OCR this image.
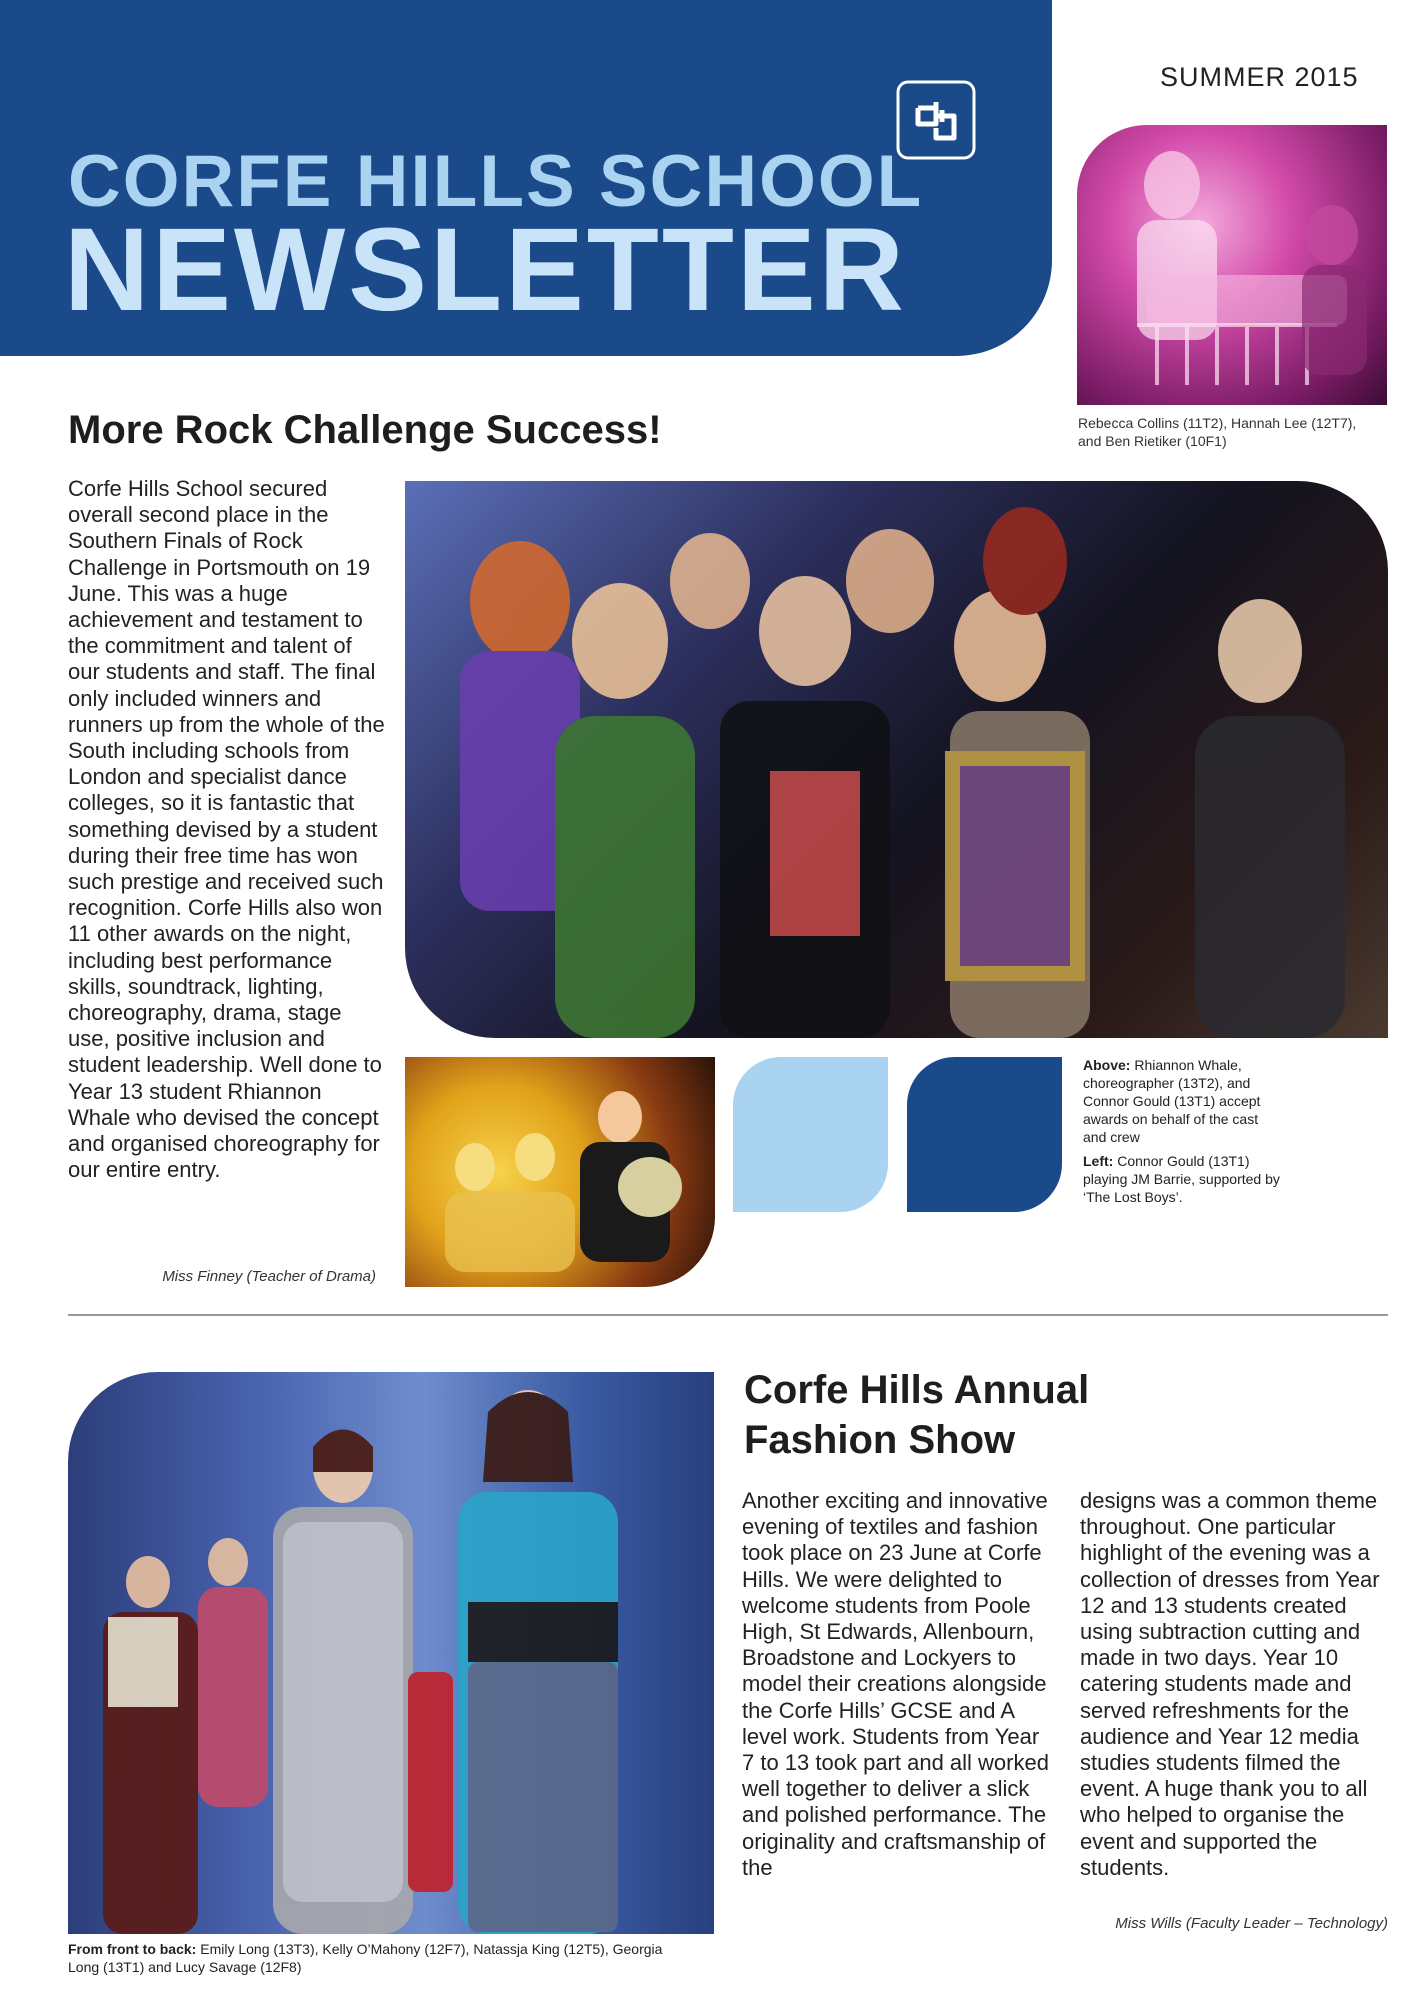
CORFE HILLS SCHOOL
NEWSLETTER
SUMMER 2015
Rebecca Collins (11T2), Hannah Lee (12T7), and Ben Rietiker (10F1)
More Rock Challenge Success!
Corfe Hills School secured overall second place in the Southern Finals of Rock Challenge in Portsmouth on 19 June. This was a huge achievement and testament to the commitment and talent of our students and staff. The final only included winners and runners up from the whole of the South including schools from London and specialist dance colleges, so it is fantastic that something devised by a student during their free time has won such prestige and received such recognition. Corfe Hills also won 11 other awards on the night, including best performance skills, soundtrack, lighting, choreography, drama, stage use, positive inclusion and student leadership. Well done to Year 13 student Rhiannon Whale who devised the concept and organised choreography for our entire entry.
Miss Finney (Teacher of Drama)
Above: Rhiannon Whale, choreographer (13T2), and Connor Gould (13T1) accept awards on behalf of the cast and crew
Left: Connor Gould (13T1) playing JM Barrie, supported by ‘The Lost Boys’.
From front to back: Emily Long (13T3), Kelly O’Mahony (12F7), Natassja King (12T5), Georgia Long (13T1) and Lucy Savage (12F8)
Corfe Hills Annual Fashion Show
Another exciting and innovative evening of textiles and fashion took place on 23 June at Corfe Hills. We were delighted to welcome students from Poole High, St Edwards, Allenbourn, Broadstone and Lockyers to model their creations alongside the Corfe Hills’ GCSE and A level work. Students from Year 7 to 13 took part and all worked well together to deliver a slick and polished performance. The originality and craftsmanship of the
designs was a common theme throughout. One particular highlight of the evening was a collection of dresses from Year 12 and 13 students created using subtraction cutting and made in two days. Year 10 catering students made and served refreshments for the audience and Year 12 media studies students filmed the event. A huge thank you to all who helped to organise the event and supported the students.
Miss Wills (Faculty Leader – Technology)
